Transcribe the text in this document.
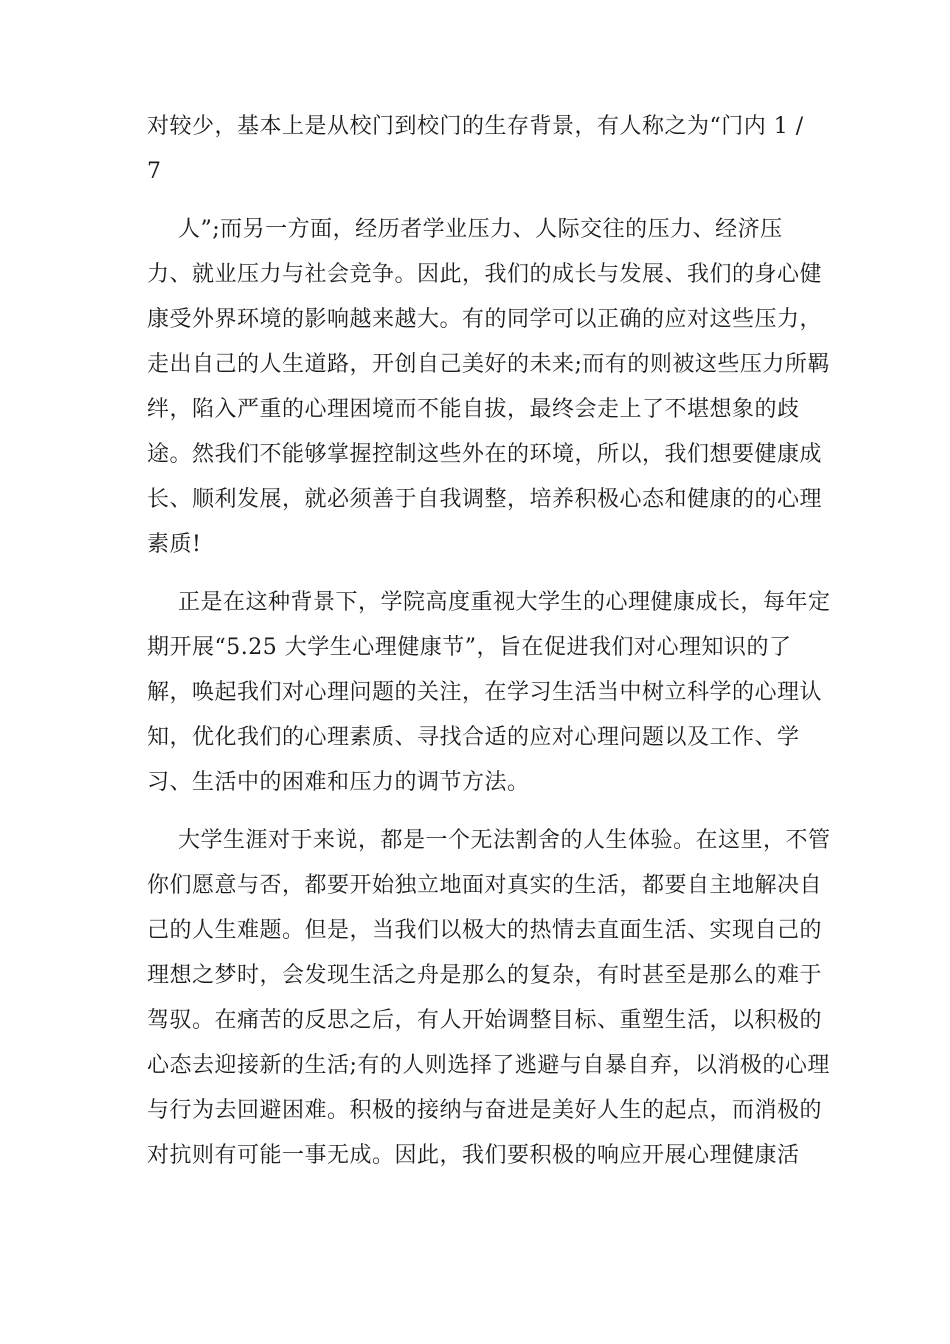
对较少，基本上是从校门到校门的生存背景，有人称之为“门内 1 /
7
人”;而另一方面，经历者学业压力、人际交往的压力、经济压
力、就业压力与社会竞争。因此，我们的成长与发展、我们的身心健
康受外界环境的影响越来越大。有的同学可以正确的应对这些压力，
走出自己的人生道路，开创自己美好的未来;而有的则被这些压力所羁
绊，陷入严重的心理困境而不能自拔，最终会走上了不堪想象的歧
途。然我们不能够掌握控制这些外在的环境，所以，我们想要健康成
长、顺利发展，就必须善于自我调整，培养积极心态和健康的的心理
素质!
正是在这种背景下，学院高度重视大学生的心理健康成长，每年定
期开展“5.25 大学生心理健康节”，旨在促进我们对心理知识的了
解，唤起我们对心理问题的关注，在学习生活当中树立科学的心理认
知，优化我们的心理素质、寻找合适的应对心理问题以及工作、学
习、生活中的困难和压力的调节方法。
大学生涯对于来说，都是一个无法割舍的人生体验。在这里，不管
你们愿意与否，都要开始独立地面对真实的生活，都要自主地解决自
己的人生难题。但是，当我们以极大的热情去直面生活、实现自己的
理想之梦时，会发现生活之舟是那么的复杂，有时甚至是那么的难于
驾驭。在痛苦的反思之后，有人开始调整目标、重塑生活，以积极的
心态去迎接新的生活;有的人则选择了逃避与自暴自弃，以消极的心理
与行为去回避困难。积极的接纳与奋进是美好人生的起点，而消极的
对抗则有可能一事无成。因此，我们要积极的响应开展心理健康活
